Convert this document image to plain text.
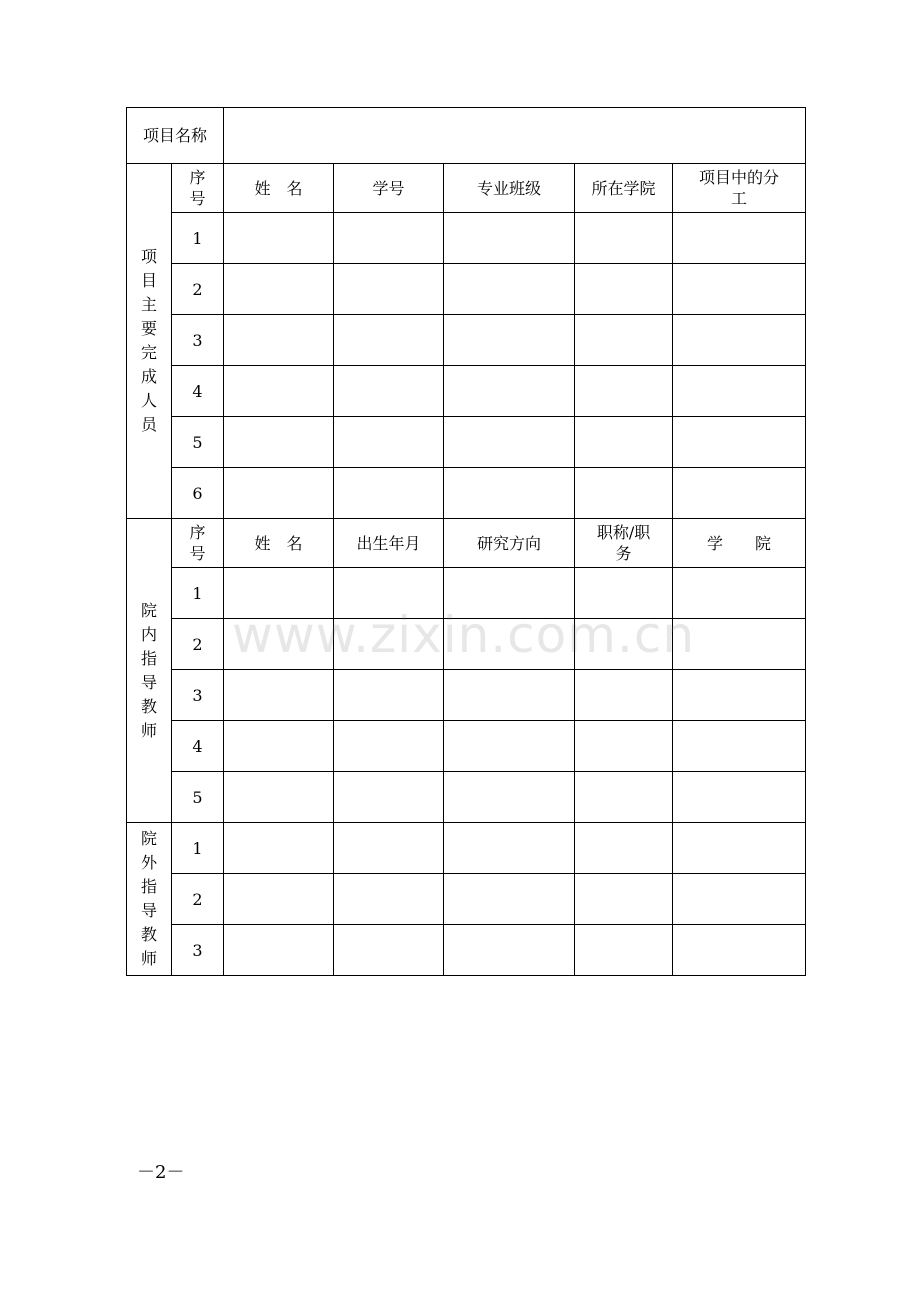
项目名称						
项目主要完成人员	序号	姓　名	学号	专业班级	所在学院	项目中的分　　工
	1					
	2					
	3					
	4					
	5					
	6					
院内指导教师	序号	姓　名	出生年月	研究方向	职称/职务	学　　院
	1					
	2					
	3					
	4					
	5					
院外指导教师	1					
	2					
	3					
www.zixin.com.cn
－2－
